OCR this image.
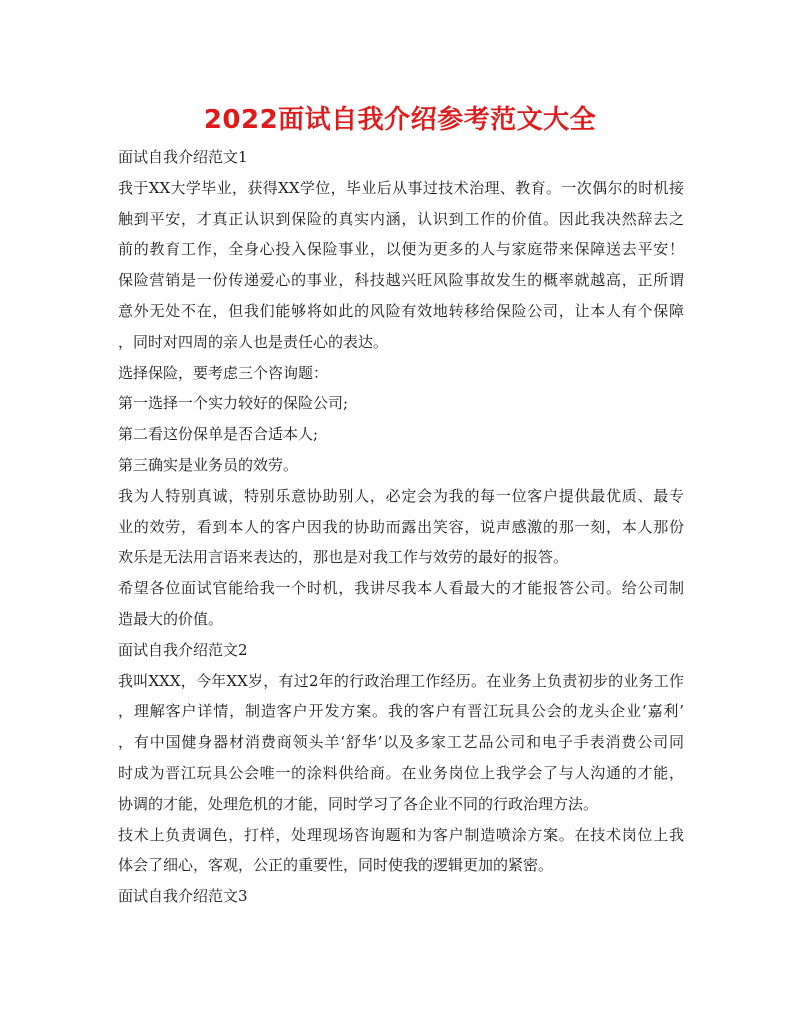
2022面试自我介绍参考范文大全
面试自我介绍范文1
我于XX大学毕业，获得XX学位，毕业后从事过技术治理、教育。一次偶尔的时机接
触到平安，才真正认识到保险的真实内涵，认识到工作的价值。因此我决然辞去之
前的教育工作，全身心投入保险事业，以便为更多的人与家庭带来保障送去平安！
保险营销是一份传递爱心的事业，科技越兴旺风险事故发生的概率就越高，正所谓
意外无处不在，但我们能够将如此的风险有效地转移给保险公司，让本人有个保障
，同时对四周的亲人也是责任心的表达。
选择保险，要考虑三个咨询题：
第一选择一个实力较好的保险公司;
第二看这份保单是否合适本人;
第三确实是业务员的效劳。
我为人特别真诚，特别乐意协助别人，必定会为我的每一位客户提供最优质、最专
业的效劳，看到本人的客户因我的协助而露出笑容，说声感激的那一刻，本人那份
欢乐是无法用言语来表达的，那也是对我工作与效劳的最好的报答。
希望各位面试官能给我一个时机，我讲尽我本人看最大的才能报答公司。给公司制
造最大的价值。
面试自我介绍范文2
我叫XXX，今年XX岁，有过2年的行政治理工作经历。在业务上负责初步的业务工作
，理解客户详情，制造客户开发方案。我的客户有晋江玩具公会的龙头企业‘嘉利’
，有中国健身器材消费商领头羊‘舒华’以及多家工艺品公司和电子手表消费公司同
时成为晋江玩具公会唯一的涂料供给商。在业务岗位上我学会了与人沟通的才能，
协调的才能，处理危机的才能，同时学习了各企业不同的行政治理方法。
技术上负责调色，打样，处理现场咨询题和为客户制造喷涂方案。在技术岗位上我
体会了细心，客观，公正的重要性，同时使我的逻辑更加的紧密。
面试自我介绍范文3
